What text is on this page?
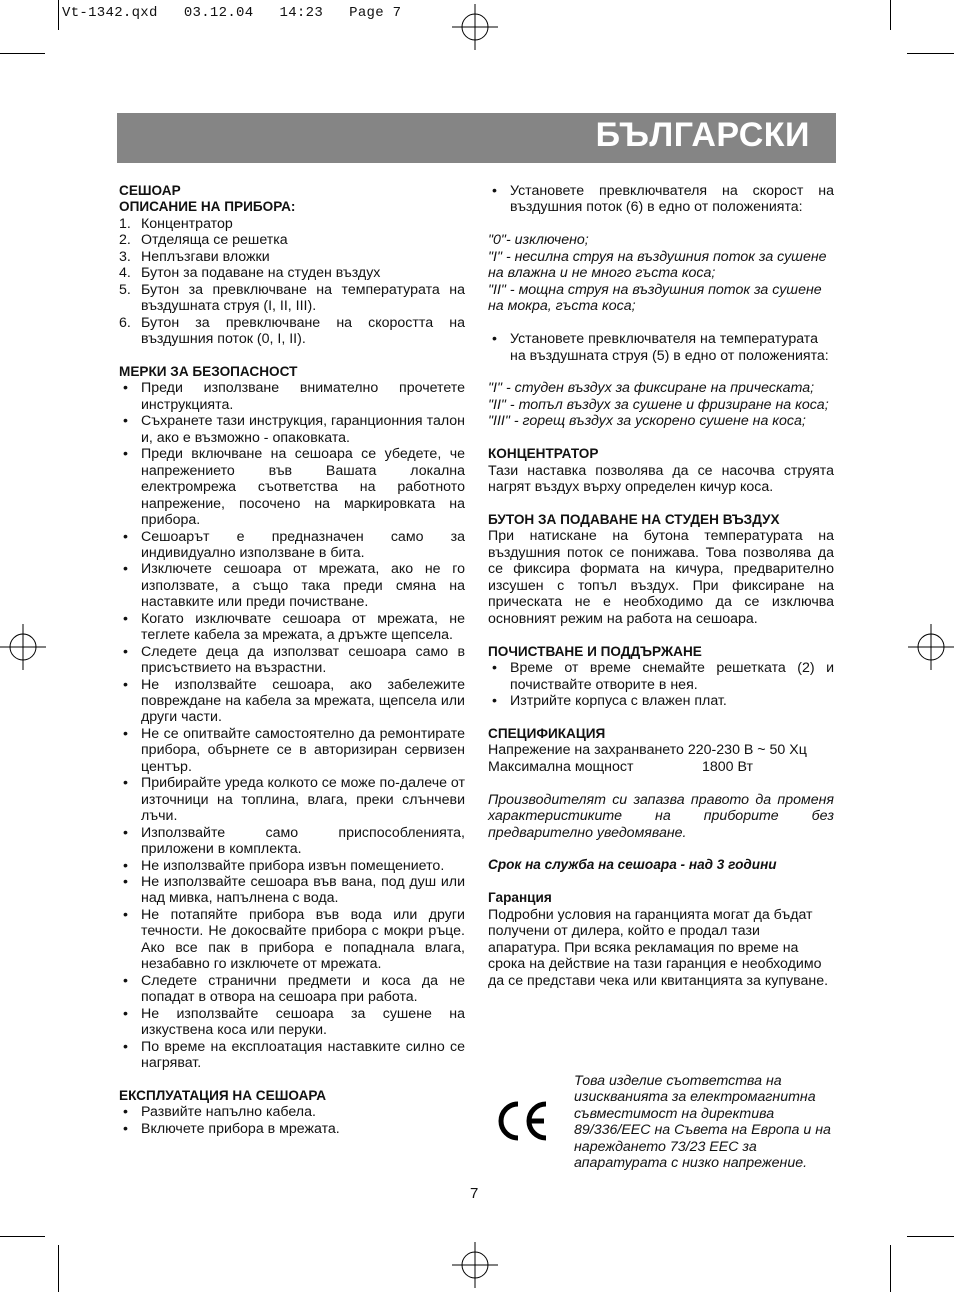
Vt-1342.qxd   03.12.04   14:23   Page 7
БЪЛГАРСКИ
СЕШОАР
ОПИСАНИЕ НА ПРИБОРА:
1. Концентратор
2. Отделяща се решетка
3. Неплъзгави вложки
4. Бутон за подаване на студен въздух
5. Бутон за превключване на температурата на въздушната струя (I, II, III).
6. Бутон за превключване на скоростта на въздушния поток (0, I, II).
МЕРКИ ЗА БЕЗОПАСНОСТ
• Преди използване внимателно прочетете инструкцията.
• Съхранете тази инструкция, гаранционния талон и, ако е възможно - опаковката.
• Преди включване на сешоара се убедете, че напрежението във Вашата локална електромрежа съответства на работното напрежение, посочено на маркировката на прибора.
• Сешоарът е предназначен само за индивидуално използване в бита.
• Изключете сешоара от мрежата, ако не го използвате, а също така преди смяна на наставките или преди почистване.
• Когато изключвате сешоара от мрежата, не теглете кабела за мрежата, а дръжте щепсела.
• Следете деца да използват сешоара само в присъствието на възрастни.
• Не използвайте сешоара, ако забележите повреждане на кабела за мрежата, щепсела или други части.
• Не се опитвайте самостоятелно да ремонтирате прибора, обърнете се в авторизиран сервизен център.
• Прибирайте уреда колкото се може по-далече от източници на топлина, влага, преки слънчеви лъчи.
• Използвайте само приспособленията, приложени в комплекта.
• Не използвайте прибора извън помещението.
• Не използвайте сешоара във вана, под душ или над мивка, напълнена с вода.
• Не потапяйте прибора във вода или други течности. Не докосвайте прибора с мокри ръце. Ако все пак в прибора е попаднала влага, незабавно го изключете от мрежата.
• Следете странични предмети и коса да не попадат в отвора на сешоара при работа.
• Не използвайте сешоара за сушене на изкуствена коса или перуки.
• По време на експлоатация наставките силно се нагряват.
ЕКСПЛУАТАЦИЯ НА СЕШОАРА
• Развийте напълно кабела.
• Включете прибора в мрежата.
• Установете превключвателя на скорост на въздушния поток (6) в едно от положенията:
"0"- изключено;
"I" - несилна струя на въздушния поток за сушене на влажна и не много гъста коса;
"II" - мощна струя на въздушния поток за сушене на мокра, гъста коса;
• Установете превключвателя на температурата на въздушната струя (5) в едно от положенията:
"I" - студен въздух за фиксиране на прическата;
"II" - топъл въздух за сушене и фризиране на коса;
"III" - горещ въздух за ускорено сушене на коса;
КОНЦЕНТРАТОР
Тази наставка позволява да се насочва струята нагрят въздух върху определен кичур коса.
БУТОН ЗА ПОДАВАНЕ НА СТУДЕН ВЪЗДУХ
При натискане на бутона температурата на въздушния поток се понижава. Това позволява да се фиксира формата на кичура, предварително изсушен с топъл въздух. При фиксиране на прическата не е необходимо да се изключва основният режим на работа на сешоара.
ПОЧИСТВАНЕ И ПОДДЪРЖАНЕ
• Време от време снемайте решетката (2) и почиствайте отворите в нея.
• Изтрийте корпуса с влажен плат.
СПЕЦИФИКАЦИЯ
Напрежение на захранването 220-230 В ~ 50 Хц
Максимална мощност	1800 Вт
Производителят си запазва правото да променя характеристиките на приборите без предварително уведомяване.
Срок на служба на сешоара - над 3 години
Гаранция
Подробни условия на гаранцията могат да бъдат получени от дилера, който е продал тази апаратура. При всяка рекламация по време на срока на действие на тази гаранция е необходимо да се представи чека или квитанцията за купуване.
Това изделие съответства на изискванията за електромагнитна съвместимост на директива 89/336/EEC на Съвета на Европа и на нареждането 73/23 EEC за апаратурата с низко напрежение.
7
